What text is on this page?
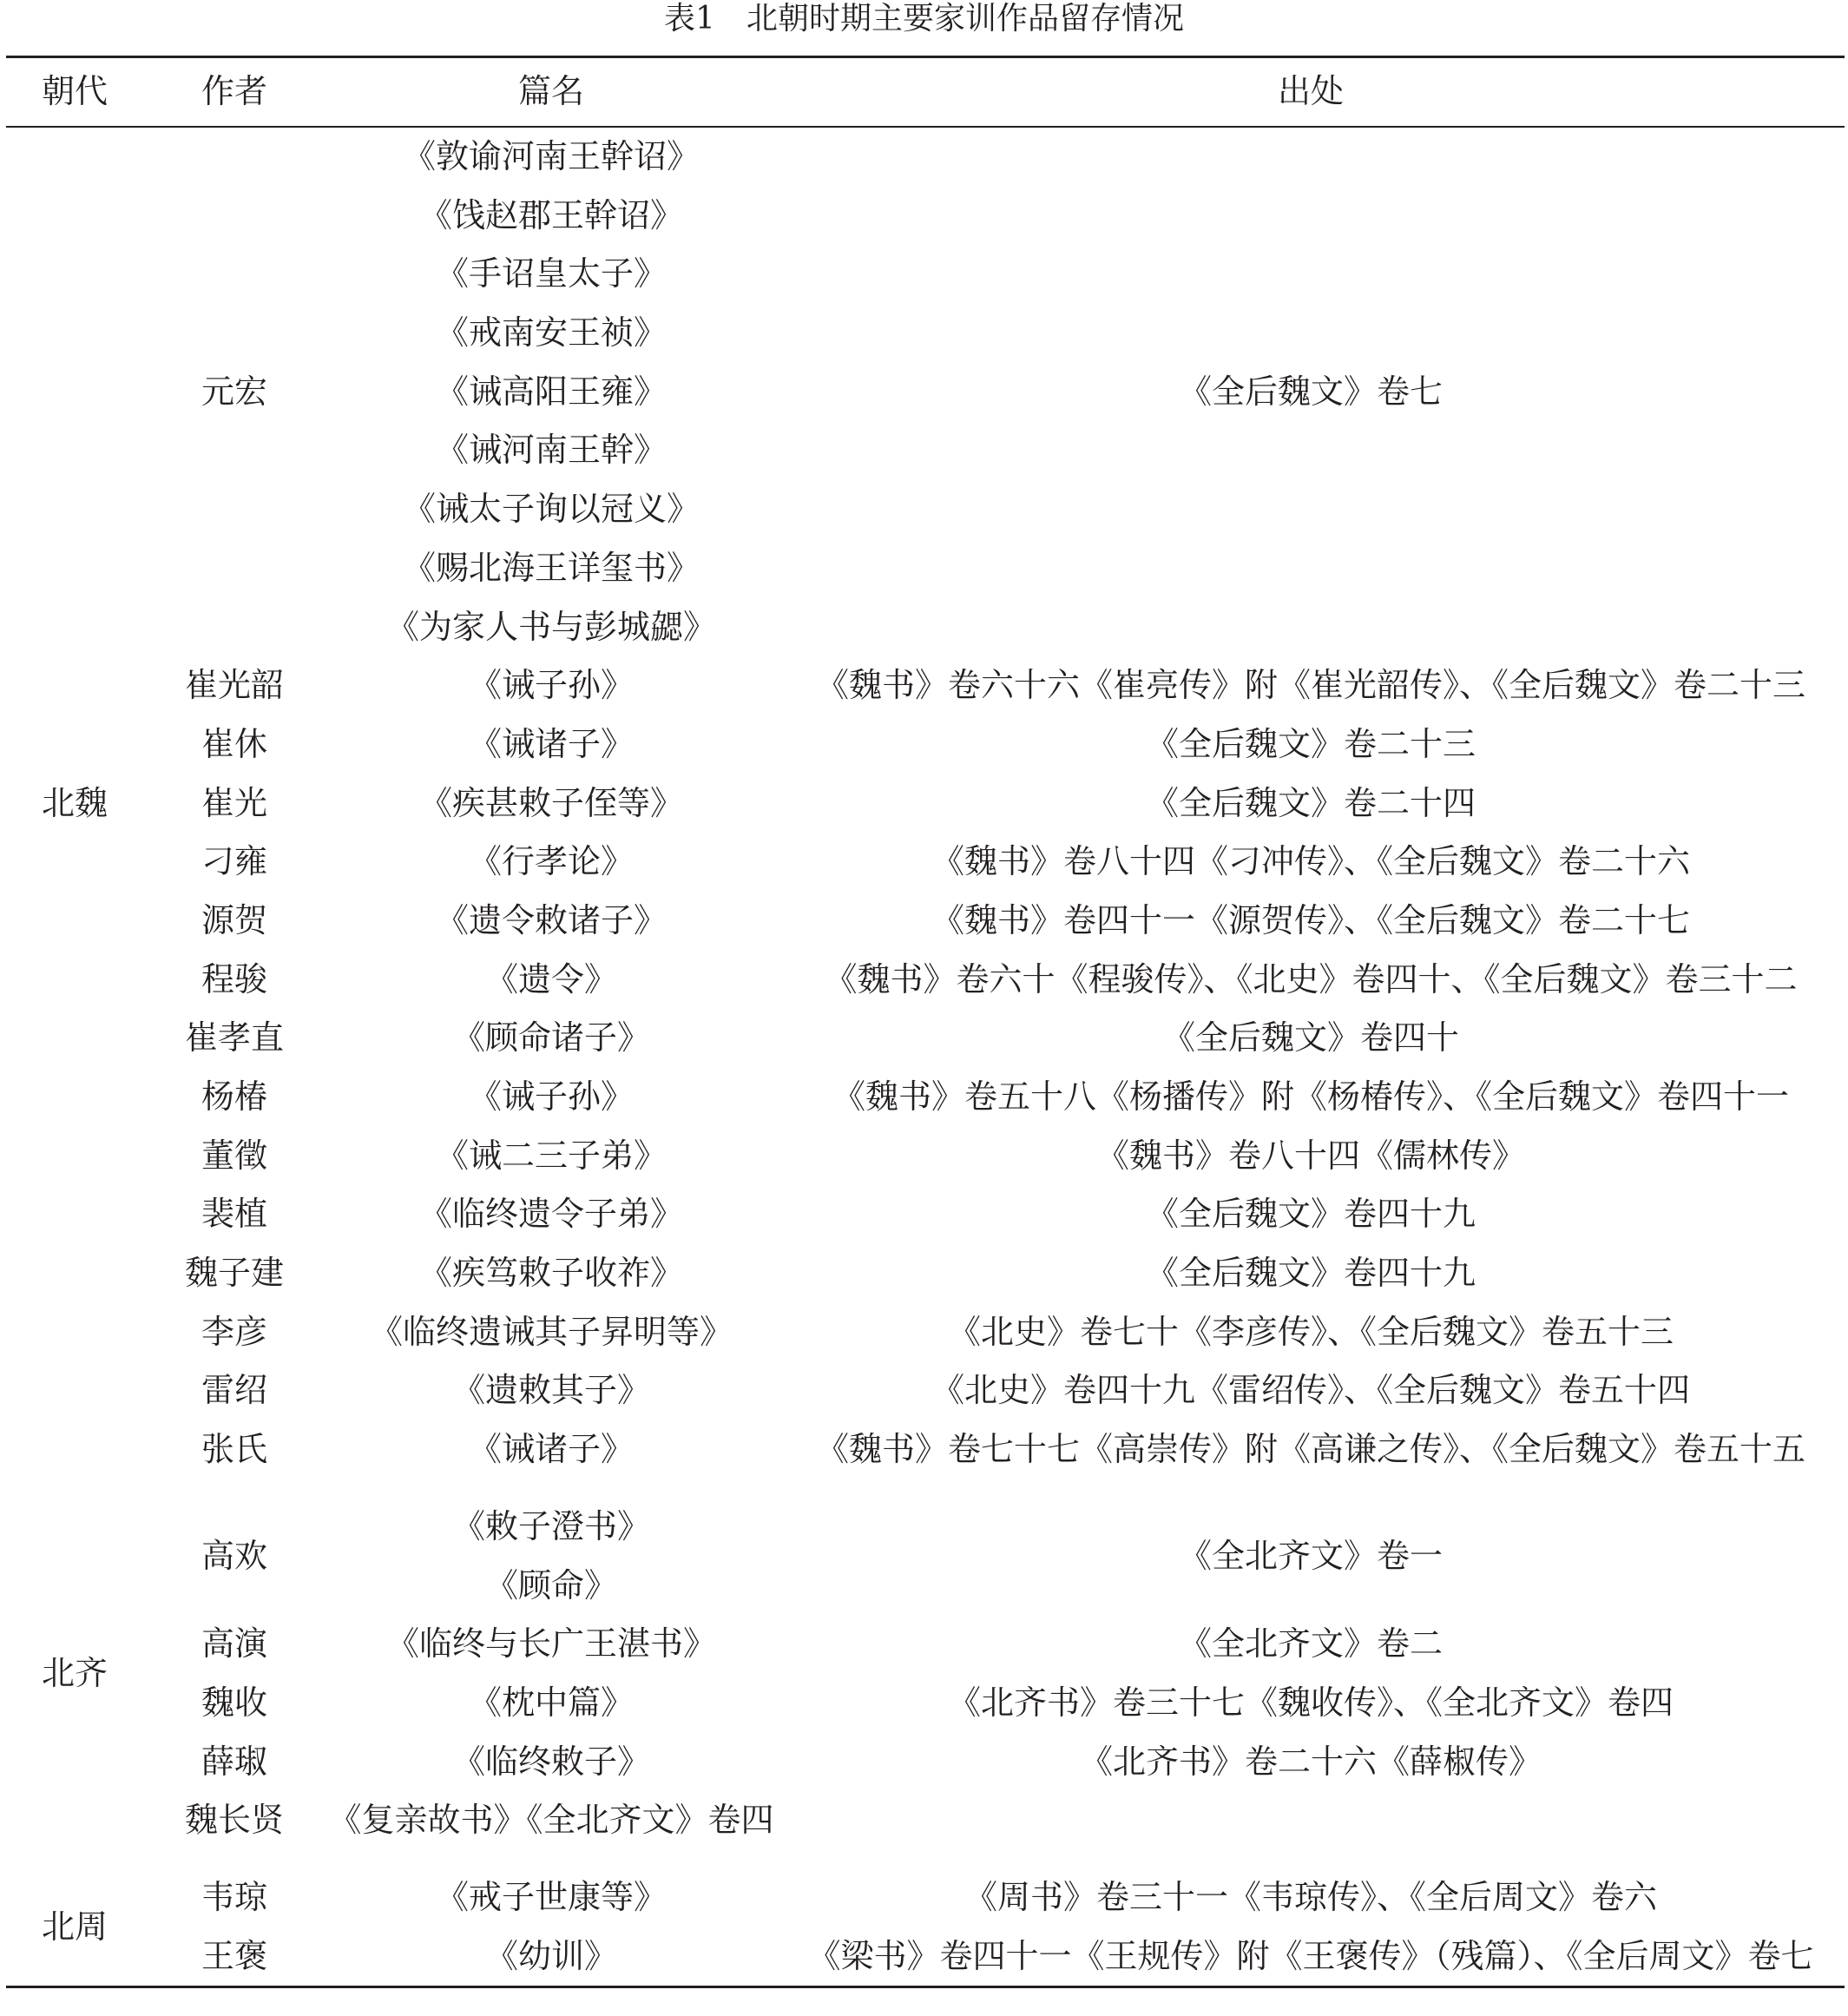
表1 北朝时期主要家训作品留存情况
朝代	作者	篇名	出处
北魏	元宏	《敦谕河南王幹诏》	《全后魏文》卷七
		《饯赵郡王幹诏》	
		《手诏皇太子》	
		《戒南安王祯》	
		《诫高阳王雍》	
		《诫河南王幹》	
		《诫太子询以冠义》	
		《赐北海王详玺书》	
		《为家人书与彭城勰》	
	崔光韶	《诫子孙》	《魏书》卷六十六《崔亮传》附《崔光韶传》、《全后魏文》卷二十三
	崔休	《诫诸子》	《全后魏文》卷二十三
	崔光	《疾甚敕子侄等》	《全后魏文》卷二十四
	刁雍	《行孝论》	《魏书》卷八十四《刁冲传》、《全后魏文》卷二十六
	源贺	《遗令敕诸子》	《魏书》卷四十一《源贺传》、《全后魏文》卷二十七
	程骏	《遗令》	《魏书》卷六十《程骏传》、《北史》卷四十、《全后魏文》卷三十二
	崔孝直	《顾命诸子》	《全后魏文》卷四十
	杨椿	《诫子孙》	《魏书》卷五十八《杨播传》附《杨椿传》、《全后魏文》卷四十一
	董徵	《诫二三子弟》	《魏书》卷八十四《儒林传》
	裴植	《临终遗令子弟》	《全后魏文》卷四十九
	魏子建	《疾笃敕子收祚》	《全后魏文》卷四十九
	李彦	《临终遗诫其子昇明等》	《北史》卷七十《李彦传》、《全后魏文》卷五十三
	雷绍	《遗敕其子》	《北史》卷四十九《雷绍传》、《全后魏文》卷五十四
	张氏	《诫诸子》	《魏书》卷七十七《高崇传》附《高谦之传》、《全后魏文》卷五十五

北齐	高欢	《敕子澄书》	《全北齐文》卷一
		《顾命》	
	高演	《临终与长广王湛书》	《全北齐文》卷二
	魏收	《枕中篇》	《北齐书》卷三十七《魏收传》、《全北齐文》卷四
	薛琡	《临终敕子》	《北齐书》卷二十六《薛椒传》
	魏长贤	《复亲故书》《全北齐文》卷四	

北周	韦琼	《戒子世康等》	《周书》卷三十一《韦琼传》、《全后周文》卷六
	王褒	《幼训》	《梁书》卷四十一《王规传》附《王褒传》（残篇）、《全后周文》卷七
